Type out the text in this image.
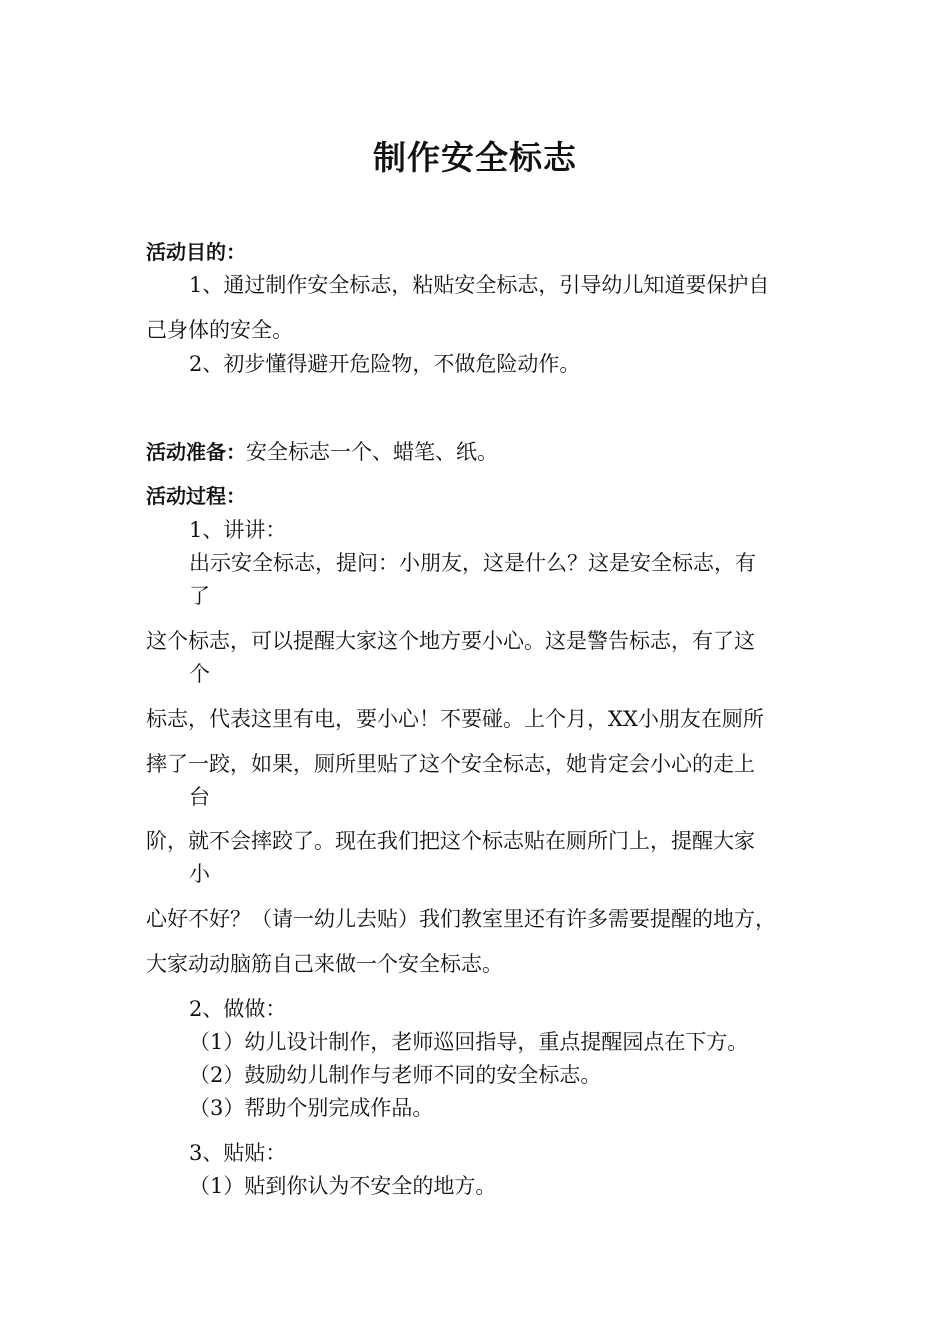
制作安全标志
活动目的：
1、通过制作安全标志，粘贴安全标志，引导幼儿知道要保护自
己身体的安全。
2、初步懂得避开危险物，不做危险动作。
活动准备：安全标志一个、蜡笔、纸。
活动过程：
1、讲讲：
出示安全标志，提问：小朋友，这是什么？这是安全标志，有
了
这个标志，可以提醒大家这个地方要小心。这是警告标志，有了这
个
标志，代表这里有电，要小心！不要碰。上个月，XX小朋友在厕所
摔了一跤，如果，厕所里贴了这个安全标志，她肯定会小心的走上
台
阶，就不会摔跤了。现在我们把这个标志贴在厕所门上，提醒大家
小
心好不好？（请一幼儿去贴）我们教室里还有许多需要提醒的地方，
大家动动脑筋自己来做一个安全标志。
2、做做：
（1）幼儿设计制作，老师巡回指导，重点提醒园点在下方。
（2）鼓励幼儿制作与老师不同的安全标志。
（3）帮助个别完成作品。
3、贴贴：
（1）贴到你认为不安全的地方。
